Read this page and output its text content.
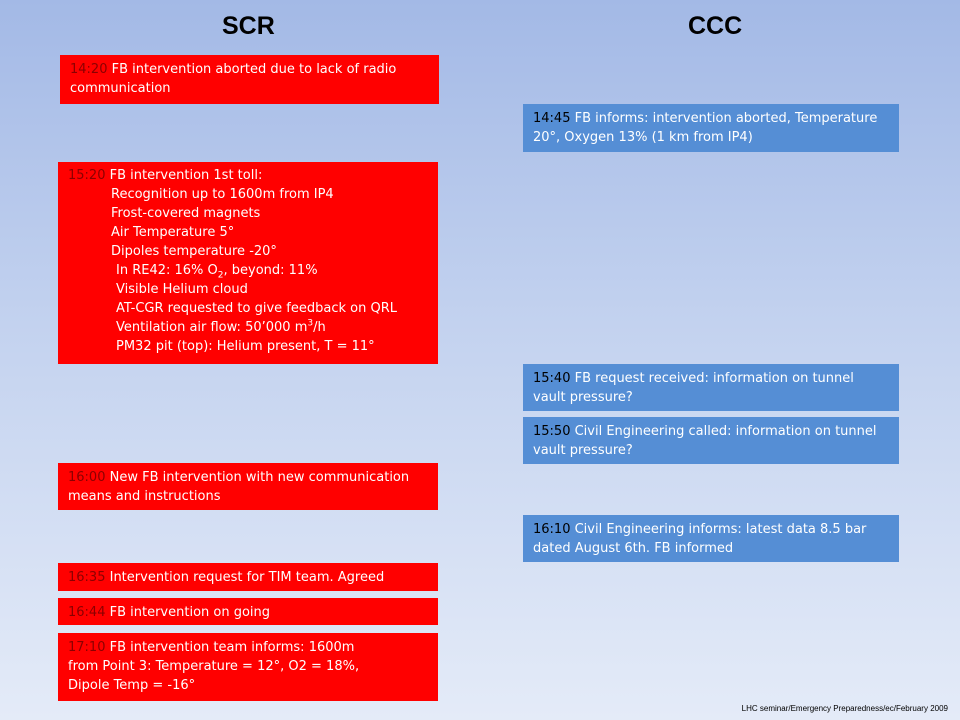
SCR	CCC
14:20 FB intervention aborted due to lack of radio communication
15:20 FB intervention 1st toll:
Recognition up to 1600m from IP4
Frost-covered magnets
Air Temperature 5°
Dipoles temperature -20°
In RE42: 16% $O_2$, beyond: 11%
Visible Helium cloud
AT-CGR requested to give feedback on QRL
Ventilation air flow: 50’000 $m^3/h$
PM32 pit (top): Helium present, T = 11°
16:00 New FB intervention with new communication means and instructions
16:35 Intervention request for TIM team. Agreed
16:44 FB intervention on going
17:10 FB intervention team informs: 1600m from Point 3: Temperature = 12°, O2 = 18%, Dipole Temp = -16°
14:45 FB informs: intervention aborted, Temperature 20°, Oxygen 13% (1 km from IP4)
15:40 FB request received: information on tunnel vault pressure?
15:50 Civil Engineering called: information on tunnel vault pressure?
16:10 Civil Engineering informs: latest data 8.5 bar dated August 6th. FB informed
LHC seminar/Emergency Preparedness/ec/February 2009
